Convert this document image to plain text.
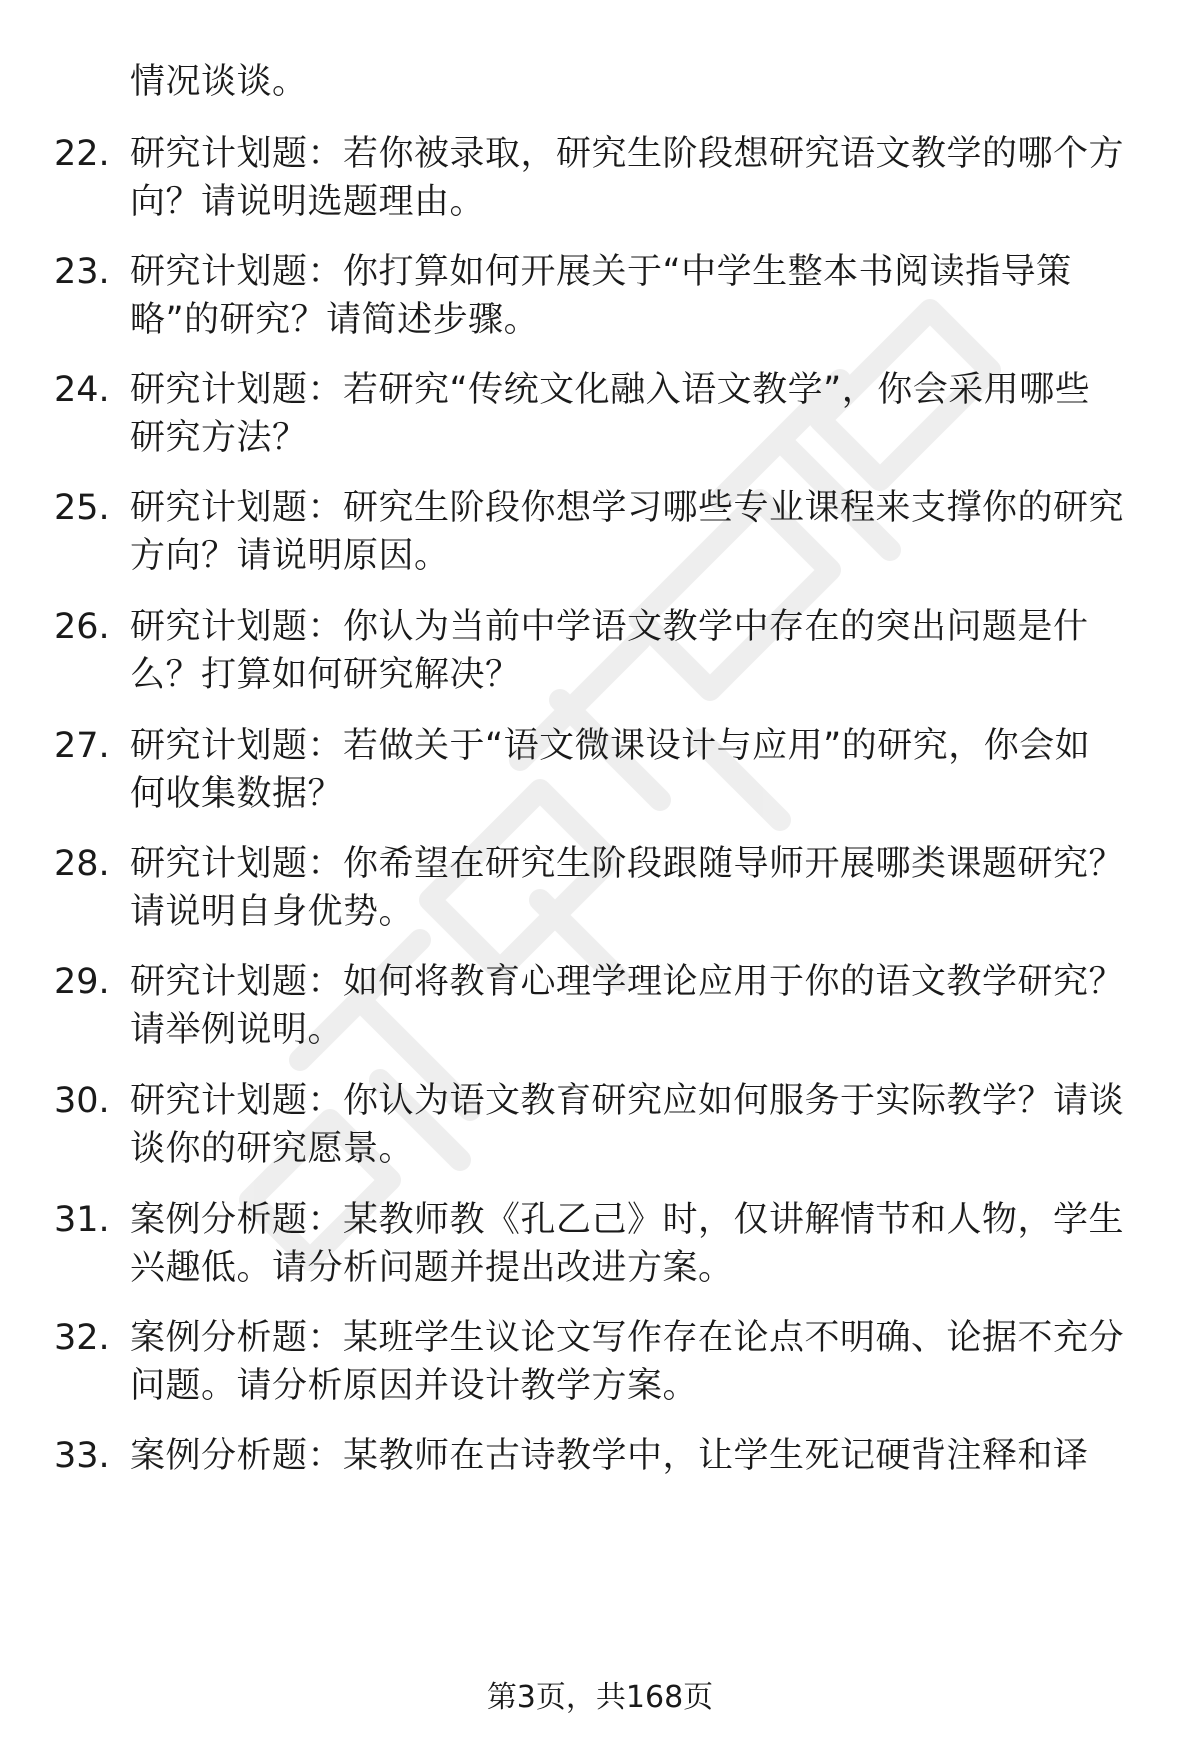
情况谈谈。
22. 研究计划题：若你被录取，研究生阶段想研究语文教学的哪个方
向？请说明选题理由。
23. 研究计划题：你打算如何开展关于“中学生整本书阅读指导策
略”的研究？请简述步骤。
24. 研究计划题：若研究“传统文化融入语文教学”，你会采用哪些
研究方法？
25. 研究计划题：研究生阶段你想学习哪些专业课程来支撑你的研究
方向？请说明原因。
26. 研究计划题：你认为当前中学语文教学中存在的突出问题是什
么？打算如何研究解决？
27. 研究计划题：若做关于“语文微课设计与应用”的研究，你会如
何收集数据？
28. 研究计划题：你希望在研究生阶段跟随导师开展哪类课题研究？
请说明自身优势。
29. 研究计划题：如何将教育心理学理论应用于你的语文教学研究？
请举例说明。
30. 研究计划题：你认为语文教育研究应如何服务于实际教学？请谈
谈你的研究愿景。
31. 案例分析题：某教师教《孔乙己》时，仅讲解情节和人物，学生
兴趣低。请分析问题并提出改进方案。
32. 案例分析题：某班学生议论文写作存在论点不明确、论据不充分
问题。请分析原因并设计教学方案。
33. 案例分析题：某教师在古诗教学中，让学生死记硬背注释和译
第3页，共168页
